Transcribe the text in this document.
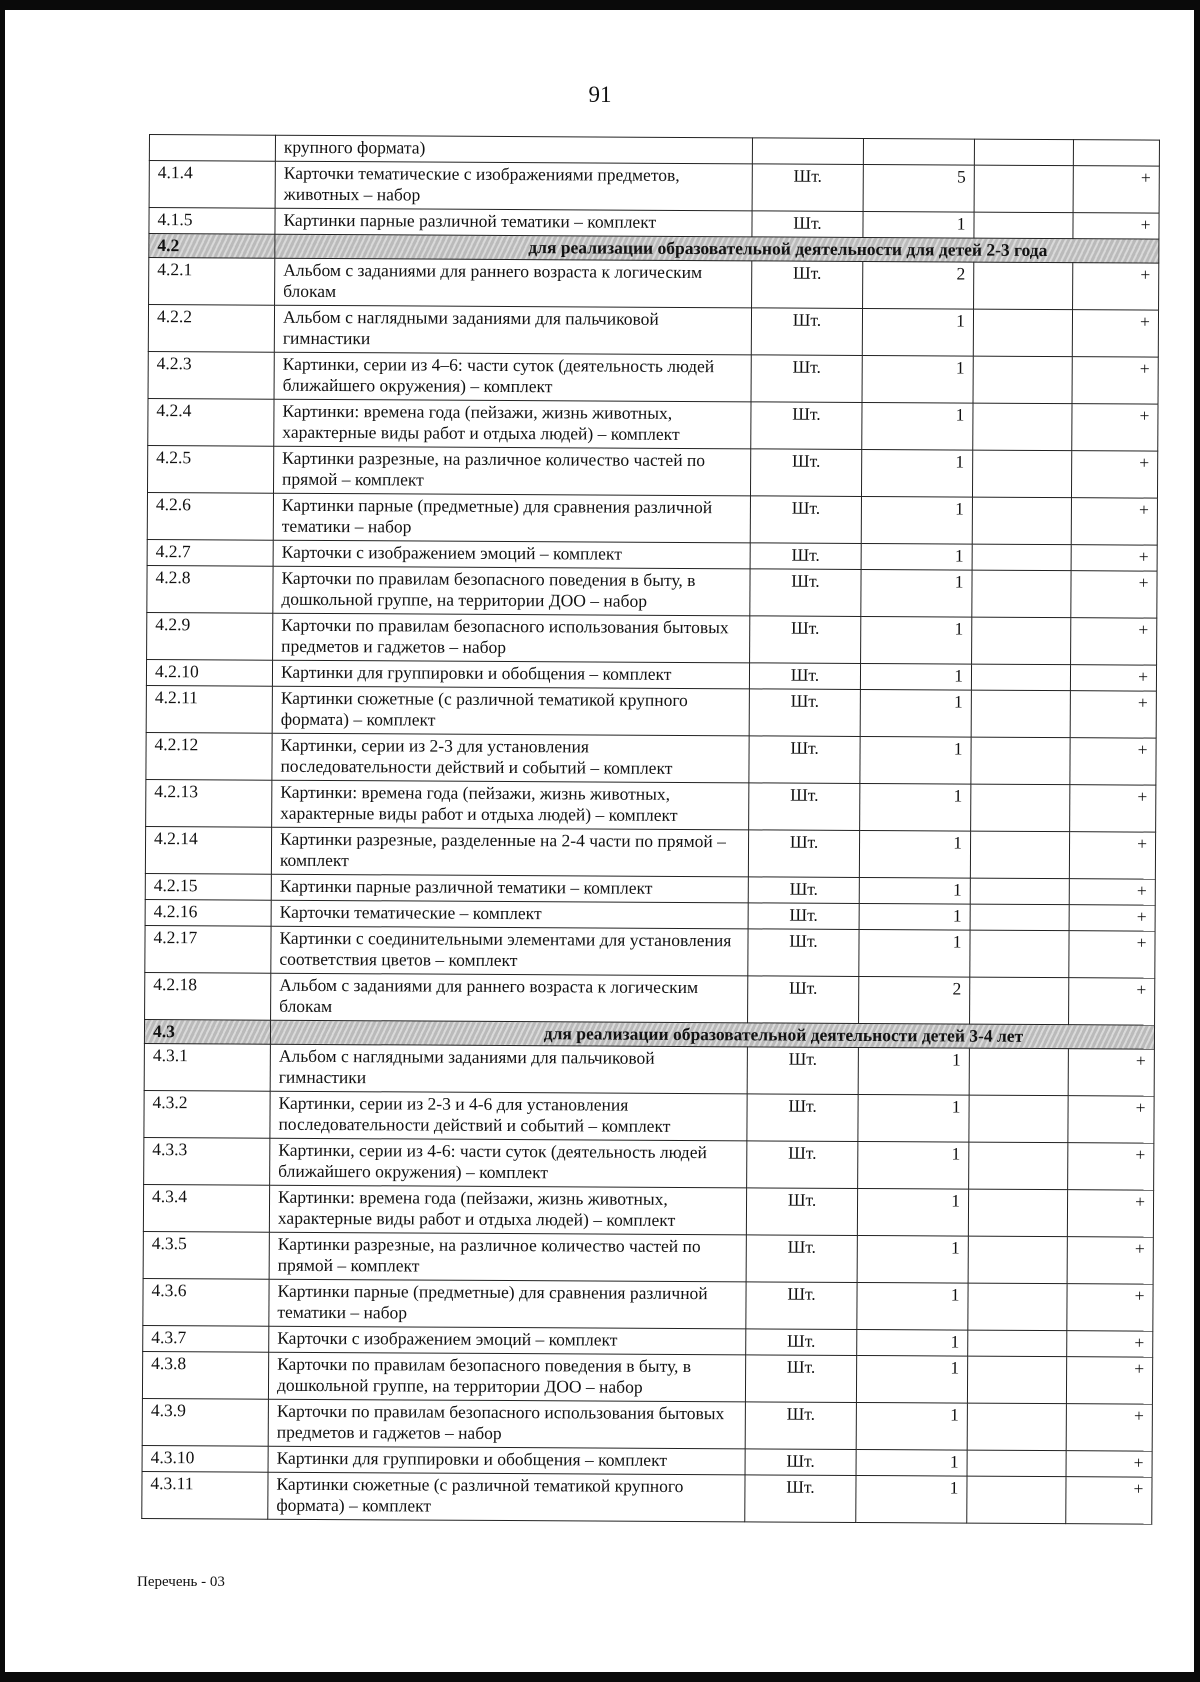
91
	крупного формата)				
4.1.4	Карточки тематические с изображениями предметов, животных – набор	Шт.	5		+
4.1.5	Картинки парные различной тематики – комплект	Шт.	1		+
4.2	для реализации образовательной деятельности для детей 2-3 года				
4.2.1	Альбом с заданиями для раннего возраста к логическим блокам	Шт.	2		+
4.2.2	Альбом с наглядными заданиями для пальчиковой гимнастики	Шт.	1		+
4.2.3	Картинки, серии из 4–6: части суток (деятельность людей ближайшего окружения) – комплект	Шт.	1		+
4.2.4	Картинки: времена года (пейзажи, жизнь животных, характерные виды работ и отдыха людей) – комплект	Шт.	1		+
4.2.5	Картинки разрезные, на различное количество частей по прямой – комплект	Шт.	1		+
4.2.6	Картинки парные (предметные) для сравнения различной тематики – набор	Шт.	1		+
4.2.7	Карточки с изображением эмоций – комплект	Шт.	1		+
4.2.8	Карточки по правилам безопасного поведения в быту, в дошкольной группе, на территории ДОО – набор	Шт.	1		+
4.2.9	Карточки по правилам безопасного использования бытовых предметов и гаджетов – набор	Шт.	1		+
4.2.10	Картинки для группировки и обобщения – комплект	Шт.	1		+
4.2.11	Картинки сюжетные (с различной тематикой крупного формата) – комплект	Шт.	1		+
4.2.12	Картинки, серии из 2-3 для установления последовательности действий и событий – комплект	Шт.	1		+
4.2.13	Картинки: времена года (пейзажи, жизнь животных, характерные виды работ и отдыха людей) – комплект	Шт.	1		+
4.2.14	Картинки разрезные, разделенные на 2-4 части по прямой – комплект	Шт.	1		+
4.2.15	Картинки парные различной тематики – комплект	Шт.	1		+
4.2.16	Карточки тематические – комплект	Шт.	1		+
4.2.17	Картинки с соединительными элементами для установления соответствия цветов – комплект	Шт.	1		+
4.2.18	Альбом с заданиями для раннего возраста к логическим блокам	Шт.	2		+
4.3	для реализации образовательной деятельности детей 3-4 лет				
4.3.1	Альбом с наглядными заданиями для пальчиковой гимнастики	Шт.	1		+
4.3.2	Картинки, серии из 2-3 и 4-6 для установления последовательности действий и событий – комплект	Шт.	1		+
4.3.3	Картинки, серии из 4-6: части суток (деятельность людей ближайшего окружения) – комплект	Шт.	1		+
4.3.4	Картинки: времена года (пейзажи, жизнь животных, характерные виды работ и отдыха людей) – комплект	Шт.	1		+
4.3.5	Картинки разрезные, на различное количество частей по прямой – комплект	Шт.	1		+
4.3.6	Картинки парные (предметные) для сравнения различной тематики – набор	Шт.	1		+
4.3.7	Карточки с изображением эмоций – комплект	Шт.	1		+
4.3.8	Карточки по правилам безопасного поведения в быту, в дошкольной группе, на территории ДОО – набор	Шт.	1		+
4.3.9	Карточки по правилам безопасного использования бытовых предметов и гаджетов – набор	Шт.	1		+
4.3.10	Картинки для группировки и обобщения – комплект	Шт.	1		+
4.3.11	Картинки сюжетные (с различной тематикой крупного формата) – комплект	Шт.	1		+
Перечень - 03
